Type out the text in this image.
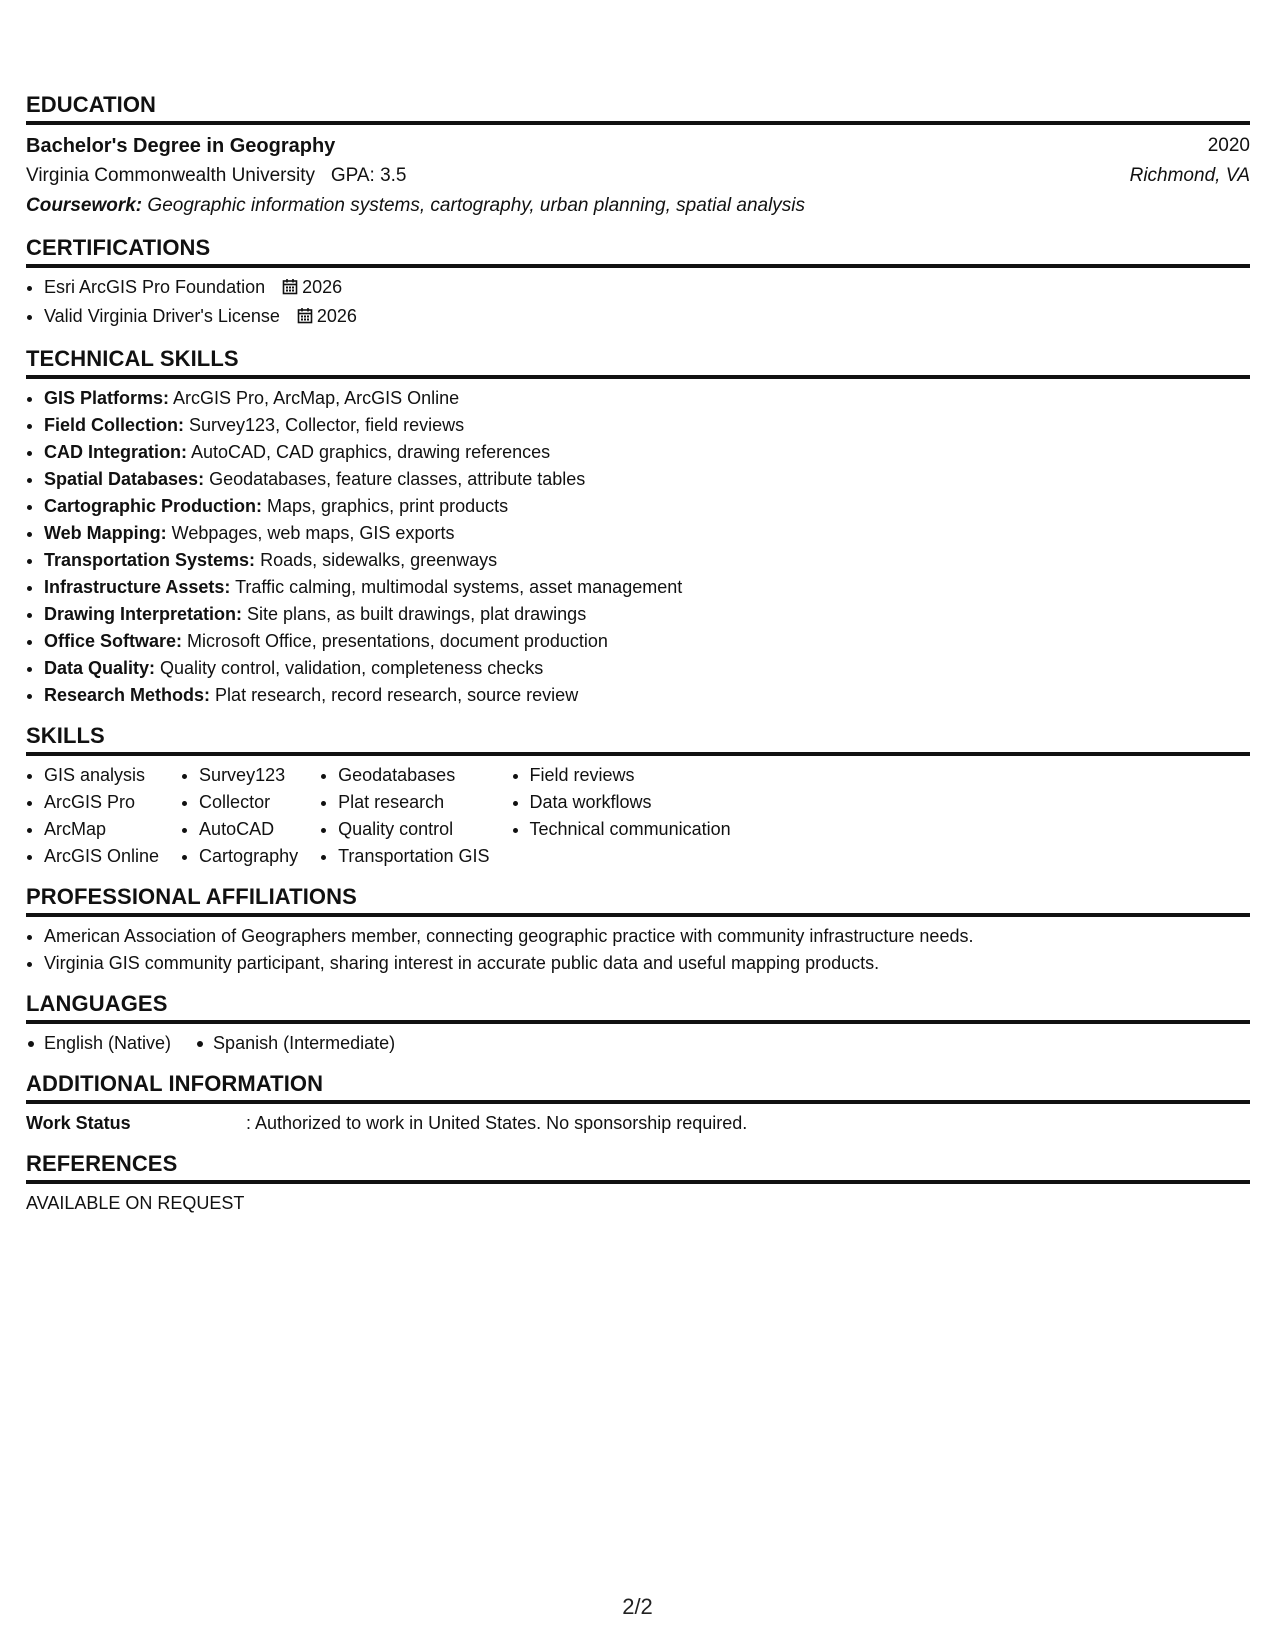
EDUCATION
Bachelor's Degree in Geography	2020
Virginia Commonwealth University   GPA: 3.5	Richmond, VA
Coursework: Geographic information systems, cartography, urban planning, spatial analysis
CERTIFICATIONS
• Esri ArcGIS Pro Foundation 2026
• Valid Virginia Driver's License 2026
TECHNICAL SKILLS
• GIS Platforms: ArcGIS Pro, ArcMap, ArcGIS Online
• Field Collection: Survey123, Collector, field reviews
• CAD Integration: AutoCAD, CAD graphics, drawing references
• Spatial Databases: Geodatabases, feature classes, attribute tables
• Cartographic Production: Maps, graphics, print products
• Web Mapping: Webpages, web maps, GIS exports
• Transportation Systems: Roads, sidewalks, greenways
• Infrastructure Assets: Traffic calming, multimodal systems, asset management
• Drawing Interpretation: Site plans, as built drawings, plat drawings
• Office Software: Microsoft Office, presentations, document production
• Data Quality: Quality control, validation, completeness checks
• Research Methods: Plat research, record research, source review
SKILLS
• GIS analysis
• ArcGIS Pro
• ArcMap
• ArcGIS Online
• Survey123
• Collector
• AutoCAD
• Cartography
• Geodatabases
• Plat research
• Quality control
• Transportation GIS
• Field reviews
• Data workflows
• Technical communication
PROFESSIONAL AFFILIATIONS
• American Association of Geographers member, connecting geographic practice with community infrastructure needs.
• Virginia GIS community participant, sharing interest in accurate public data and useful mapping products.
LANGUAGES
English (Native)	Spanish (Intermediate)
ADDITIONAL INFORMATION
Work Status	: Authorized to work in United States. No sponsorship required.
REFERENCES
AVAILABLE ON REQUEST
2/2
